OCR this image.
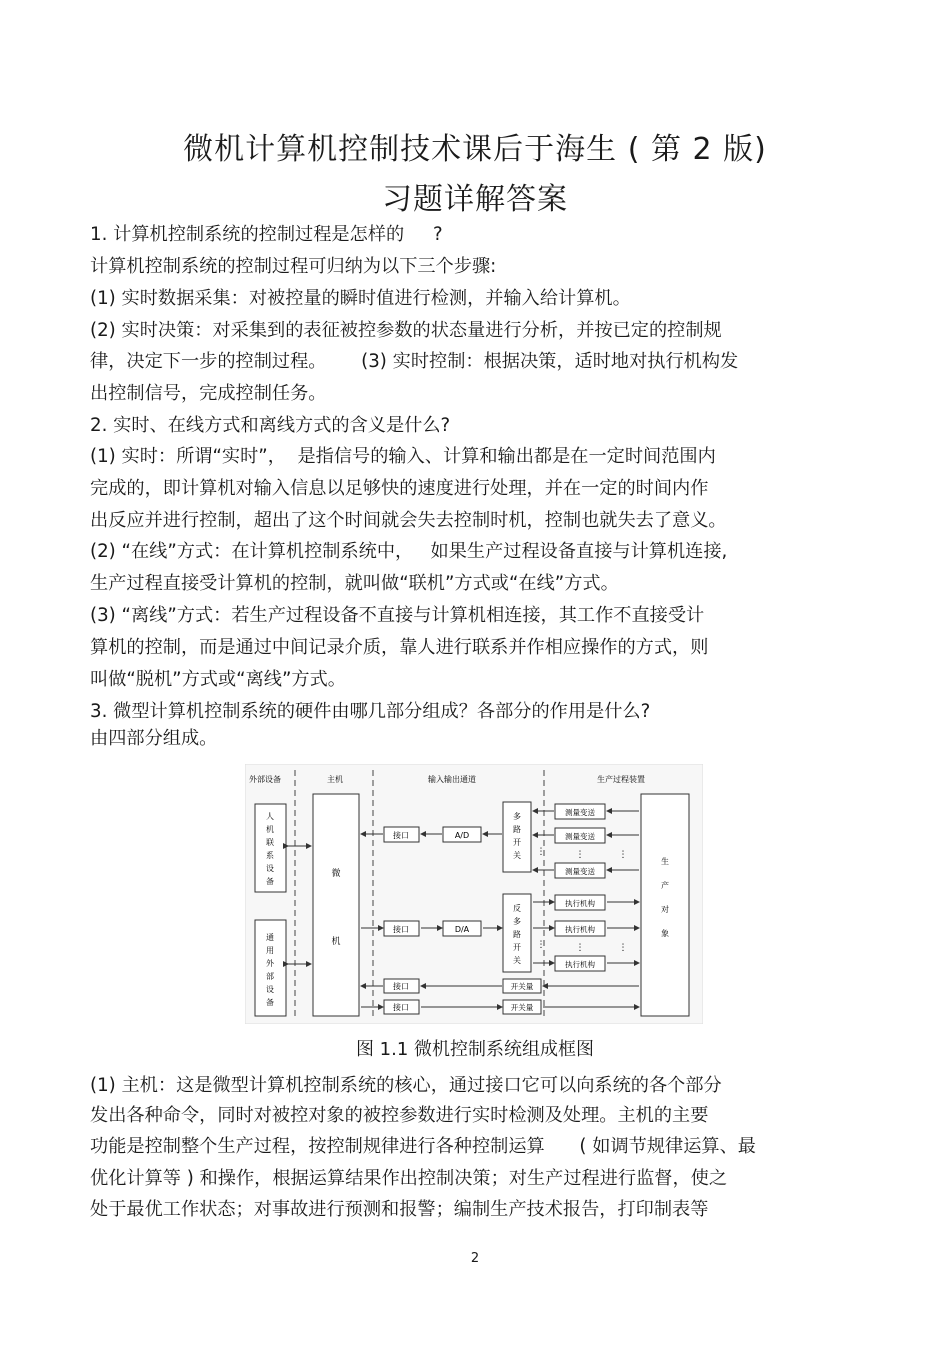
微机计算机控制技术课后于海生 ( 第 2 版)
习题详解答案
1. 计算机控制系统的控制过程是怎样的     ?
计算机控制系统的控制过程可归纳为以下三个步骤:
(1) 实时数据采集：对被控量的瞬时值进行检测，并输入给计算机。
(2) 实时决策：对采集到的表征被控参数的状态量进行分析，并按已定的控制规
律，决定下一步的控制过程。      (3) 实时控制：根据决策，适时地对执行机构发
出控制信号，完成控制任务。
2. 实时、在线方式和离线方式的含义是什么?
(1) 实时：所谓“实时”，  是指信号的输入、计算和输出都是在一定时间范围内
完成的，即计算机对输入信息以足够快的速度进行处理，并在一定的时间内作
出反应并进行控制，超出了这个时间就会失去控制时机，控制也就失去了意义。
(2) “在线”方式：在计算机控制系统中，   如果生产过程设备直接与计算机连接,
生产过程直接受计算机的控制，就叫做“联机”方式或“在线”方式。
(3) “离线”方式：若生产过程设备不直接与计算机相连接，其工作不直接受计
算机的控制，而是通过中间记录介质，靠人进行联系并作相应操作的方式，则
叫做“脱机”方式或“离线”方式。
3. 微型计算机控制系统的硬件由哪几部分组成？各部分的作用是什么?
由四部分组成。
外部设备	主机	输入输出通道	生产过程装置
人
机
联
系
设
备
通
用
外
部
设
备
微
机
接口	A/D
多
路
开
关
测量变送
测量变送
测量变送
⋮	⋮
⋮
接口	D/A
反
多
路
开
关
执行机构
执行机构
执行机构
⋮	⋮
⋮
接口	开关量
接口	开关量
生
产
对
象
图 1.1 微机控制系统组成框图
(1) 主机：这是微型计算机控制系统的核心，通过接口它可以向系统的各个部分
发出各种命令，同时对被控对象的被控参数进行实时检测及处理。主机的主要
功能是控制整个生产过程，按控制规律进行各种控制运算      ( 如调节规律运算、最
优化计算等 ) 和操作，根据运算结果作出控制决策；对生产过程进行监督，使之
处于最优工作状态；对事故进行预测和报警；编制生产技术报告，打印制表等
2
